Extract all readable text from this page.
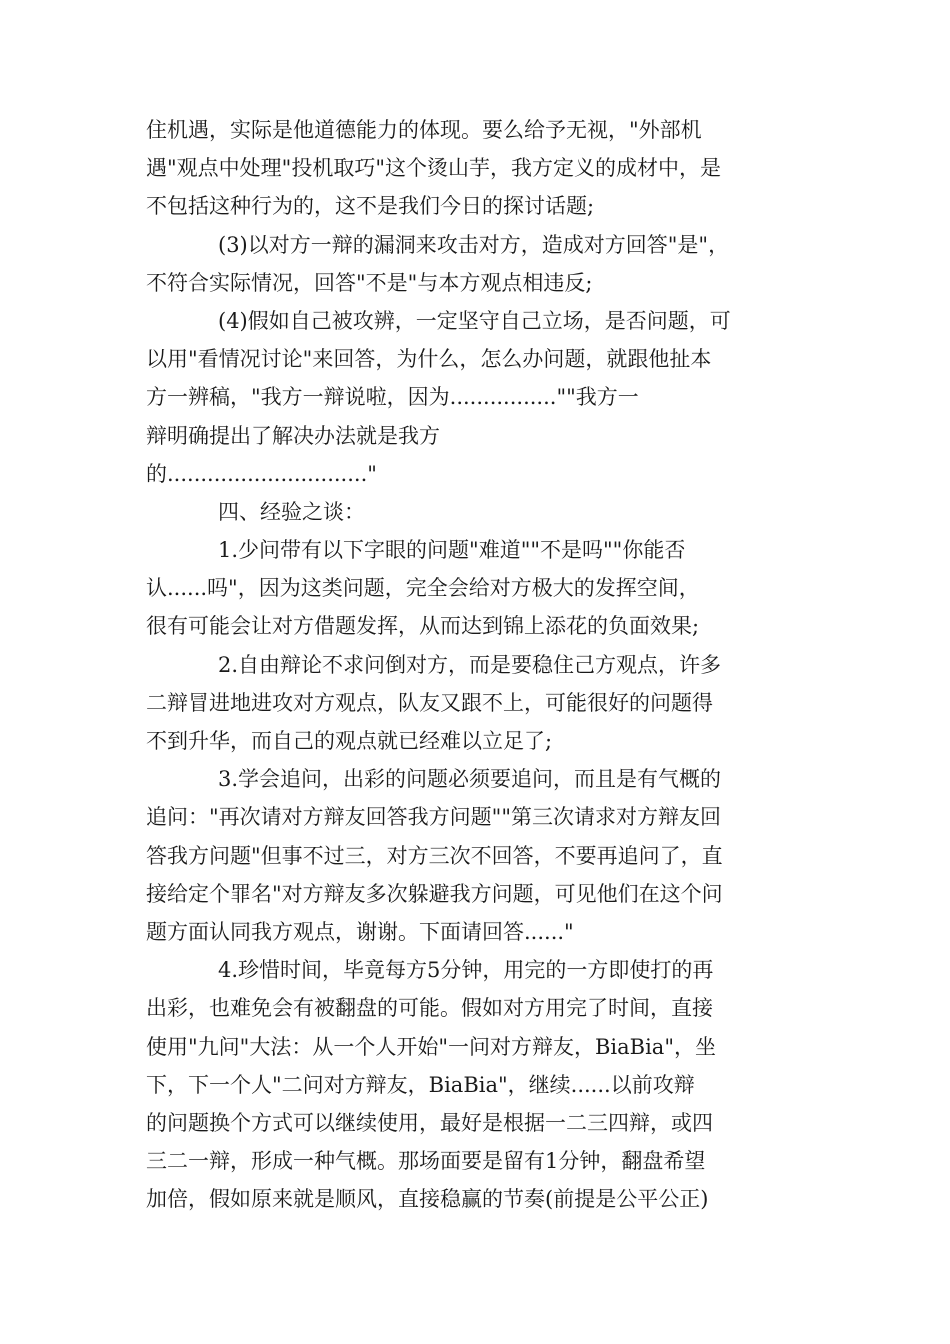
住机遇，实际是他道德能力的体现。要么给予无视，"外部机
遇"观点中处理"投机取巧"这个烫山芋，我方定义的成材中，是
不包括这种行为的，这不是我们今日的探讨话题;
(3)以对方一辩的漏洞来攻击对方，造成对方回答"是"，
不符合实际情况，回答"不是"与本方观点相违反;
(4)假如自己被攻辨，一定坚守自己立场，是否问题，可
以用"看情况讨论"来回答，为什么，怎么办问题，就跟他扯本
方一辨稿，"我方一辩说啦，因为................""我方一
辩明确提出了解决办法就是我方
的.............................."
四、经验之谈：
1.少问带有以下字眼的问题"难道""不是吗""你能否
认......吗"，因为这类问题，完全会给对方极大的发挥空间，
很有可能会让对方借题发挥，从而达到锦上添花的负面效果;
2.自由辩论不求问倒对方，而是要稳住己方观点，许多
二辩冒进地进攻对方观点，队友又跟不上，可能很好的问题得
不到升华，而自己的观点就已经难以立足了;
3.学会追问，出彩的问题必须要追问，而且是有气概的
追问："再次请对方辩友回答我方问题""第三次请求对方辩友回
答我方问题"但事不过三，对方三次不回答，不要再追问了，直
接给定个罪名"对方辩友多次躲避我方问题，可见他们在这个问
题方面认同我方观点，谢谢。下面请回答......"
4.珍惜时间，毕竟每方5分钟，用完的一方即使打的再
出彩，也难免会有被翻盘的可能。假如对方用完了时间，直接
使用"九问"大法：从一个人开始"一问对方辩友，BiaBia"，坐
下，下一个人"二问对方辩友，BiaBia"，继续......以前攻辩
的问题换个方式可以继续使用，最好是根据一二三四辩，或四
三二一辩，形成一种气概。那场面要是留有1分钟，翻盘希望
加倍，假如原来就是顺风，直接稳赢的节奏(前提是公平公正)
